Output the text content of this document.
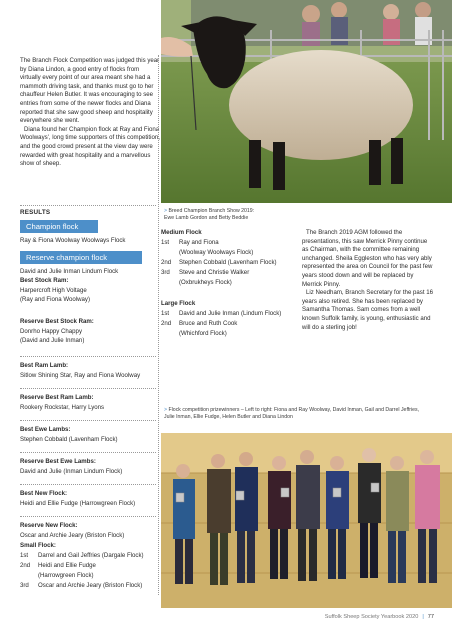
The Branch Flock Competition was judged this year by Diana Lindon, a good entry of flocks from virtually every point of our area meant she had a mammoth driving task, and thanks must go to her chauffeur Helen Butler. It was encouraging to see entries from some of the newer flocks and Diana reported that she saw good sheep and hospitality everywhere she went.

Diana found her Champion flock at Ray and Fiona Woolways', long time supporters of this competition, and the good crowd present at the view day were rewarded with great hospitality and a marvellous show of sheep.

RESULTS
Champion flock
Ray & Fiona Woolway Woolways Flock
Reserve champion flock
David and Julie Inman Lindum Flock
Best Stock Ram:
Harpercroft High Voltage
(Ray and Fiona Woolway)
Reserve Best Stock Ram:
Donrho Happy Chappy
(David and Julie Inman)
Best Ram Lamb:
Sitlow Shining Star, Ray and Fiona Woolway
Reserve Best Ram Lamb:
Rookery Rockstar, Harry Lyons
Best Ewe Lambs:
Stephen Cobbald (Lavenham Flock)
Reserve Best Ewe Lambs:
David and Julie (Inman Lindum Flock)
Best New Flock:
Heidi and Ellie Fudge (Harrowgreen Flock)
Reserve New Flock:
Oscar and Archie Jeary (Briston Flock)
Small Flock:
1st Darrel and Gail Jeffries (Dargale Flock)
2nd Heidi and Ellie Fudge
(Harrowgreen Flock)
3rd Oscar and Archie Jeary (Briston Flock)
> Breed Champion Branch Show 2019:
Ewe Lamb Gordon and Betty Beddie
Medium Flock
1st Ray and Fiona
(Woolway Woolways Flock)
2nd Stephen Cobbald (Lavenham Flock)
3rd Steve and Christie Walker
(Oxbrukheys Flock)
Large Flock
1st David and Julie Inman (Lindum Flock)
2nd Bruce and Ruth Cook
(Whichford Flock)

The Branch 2019 AGM followed the presentations, this saw Merrick Pinny continue as Chairman, with the committee remaining unchanged. Sheila Eggleston who has very ably represented the area on Council for the past few years stood down and will be replaced by Merrick Pinny.

Liz Needham, Branch Secretary for the past 16 years also retired. She has been replaced by Samantha Thomas. Sam comes from a well known Suffolk family, is young, enthusiastic and will do a sterling job!

> Flock competition prizewinners – Left to right: Fiona and Ray Woolway, David Inman, Gail and Darrel Jeffries,
Julie Inman, Ellie Fudge, Helen Butler and Diana Lindon
Suffolk Sheep Society Yearbook 2020 | 77
